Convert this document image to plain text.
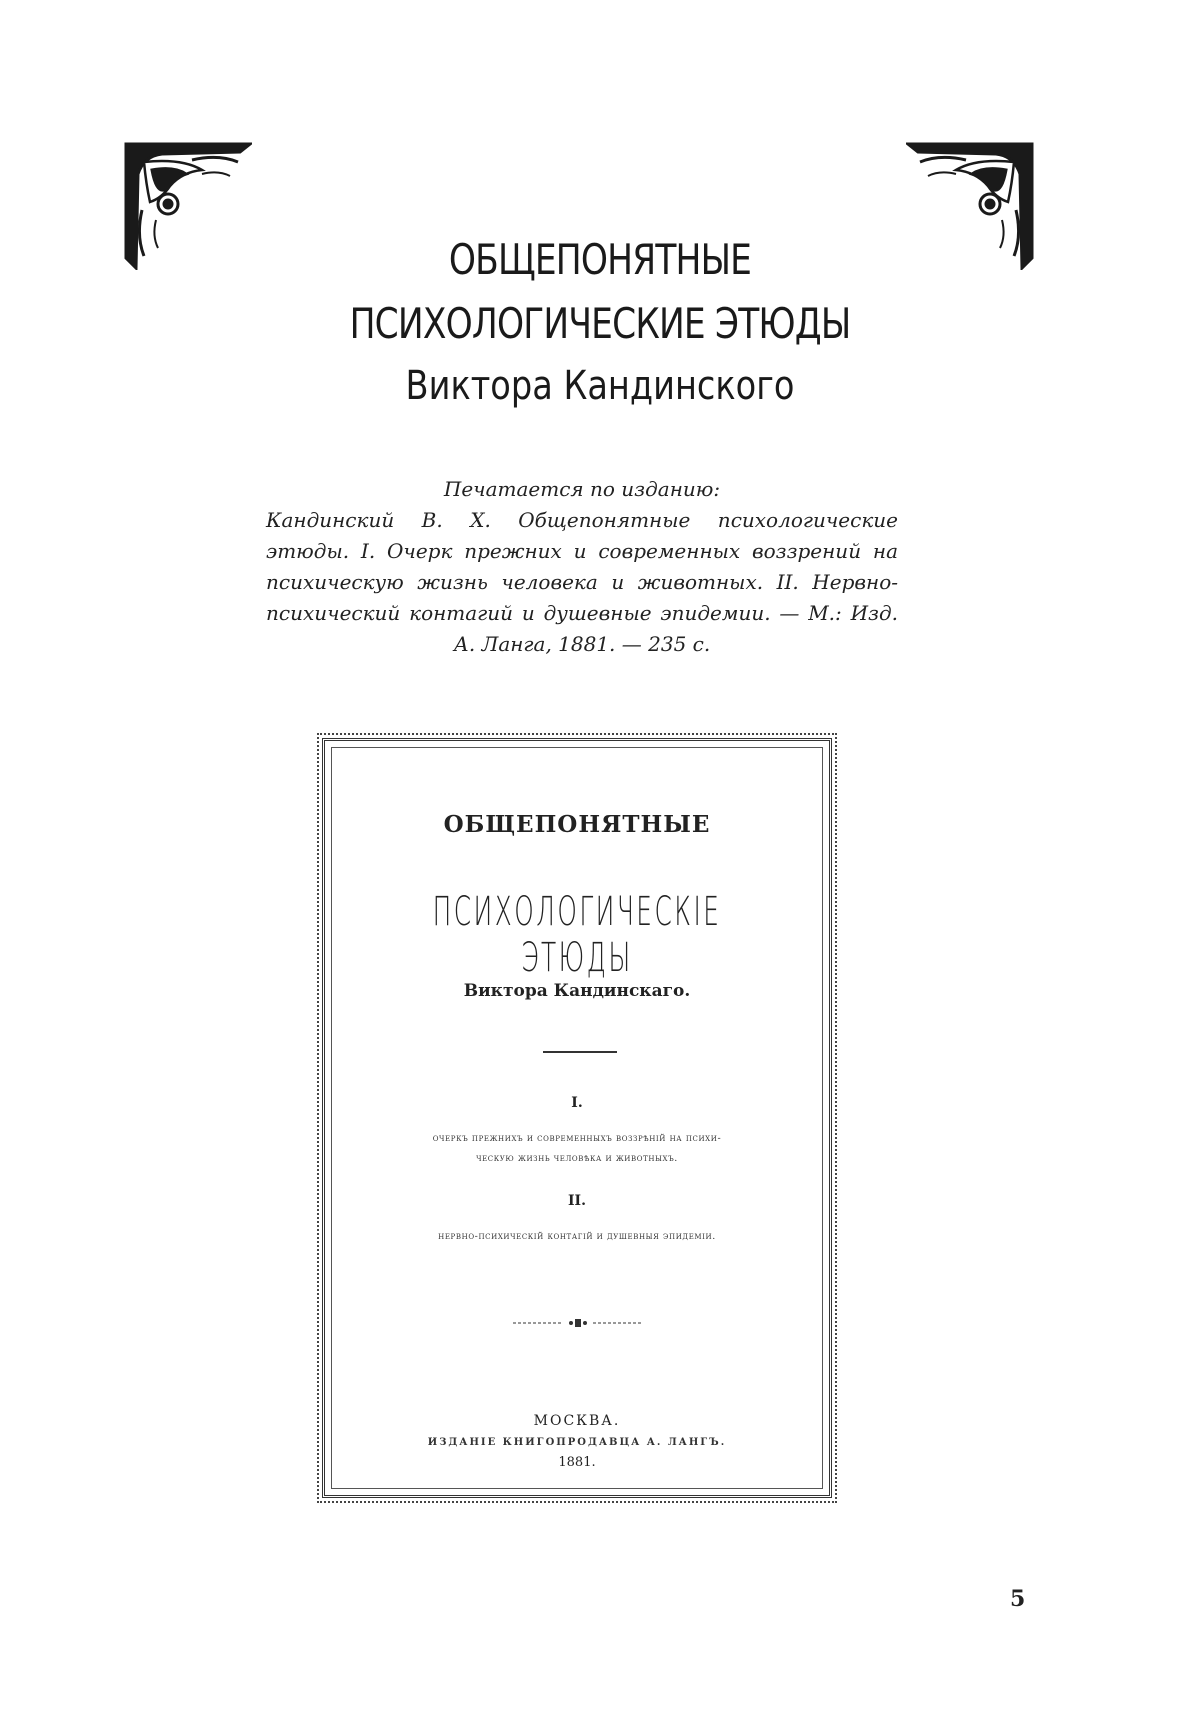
ОБЩЕПОНЯТНЫЕ
ПСИХОЛОГИЧЕСКИЕ ЭТЮДЫ
Виктора Кандинского
Печатается по изданию:
Кандинский В. Х. Общепонятные психологические этюды. I. Очерк прежних и современных воззрений на психическую жизнь человека и животных. II. Нервно-психический контагий и душевные эпидемии. — М.: Изд. А. Ланга, 1881. — 235 с.
ОБЩЕПОНЯТНЫЕ
ПСИХОЛОГИЧЕСКІЕ ЭТЮДЫ
Виктора Кандинскаго.
I.
очеркъ прежнихъ и современныхъ воззрѣній на психи-
ческую жизнь человѣка и животныхъ.
II.
нервно-психическій контагій и душевныя эпидеміи.
МОСКВА.
ИЗДАНІЕ КНИГОПРОДАВЦА А. ЛАНГЪ.
1881.
5
